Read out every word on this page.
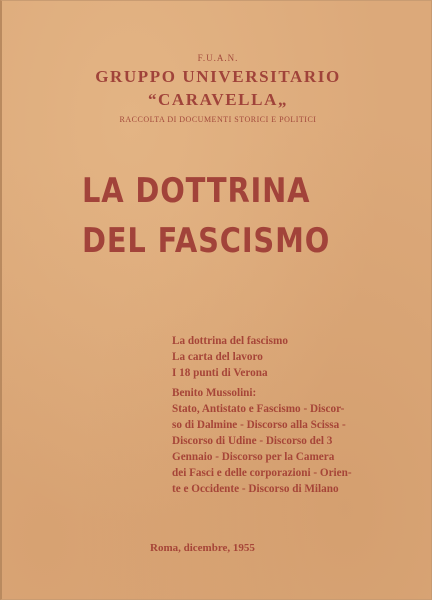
F.U.A.N.
GRUPPO UNIVERSITARIO
“CARAVELLA„
RACCOLTA DI DOCUMENTI STORICI E POLITICI
LA DOTTRINA
DEL FASCISMO
La dottrina del fascismo
La carta del lavoro
I 18 punti di Verona
Benito Mussolini:
Stato, Antistato e Fascismo - Discor-
so di Dalmine - Discorso alla Scissa -
Discorso di Udine - Discorso del 3
Gennaio - Discorso per la Camera
dei Fasci e delle corporazioni - Orien-
te e Occidente - Discorso di Milano
Roma, dicembre, 1955
